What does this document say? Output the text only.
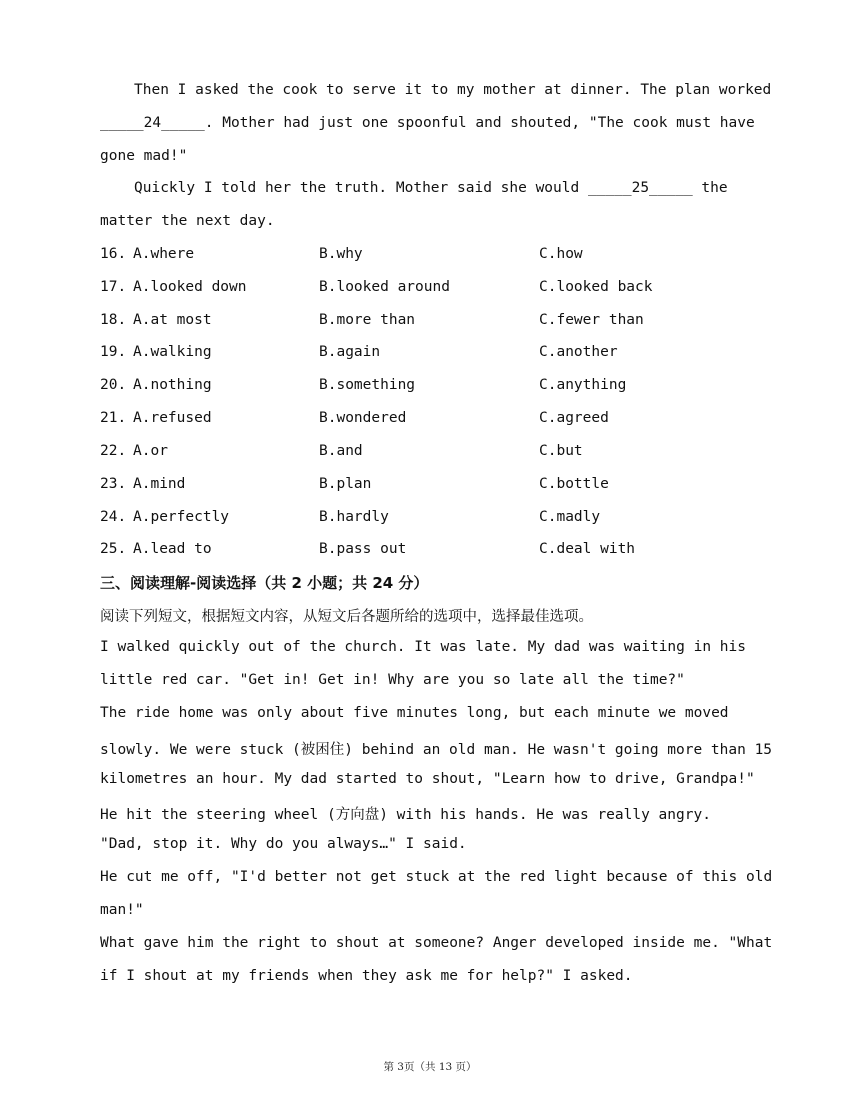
Then I asked the cook to serve it to my mother at dinner. The plan worked
_____24_____. Mother had just one spoonful and shouted, "The cook must have
gone mad!"
Quickly I told her the truth. Mother said she would _____25_____ the
matter the next day.
16. A.where	B.why	C.how
17. A.looked down	B.looked around	C.looked back
18. A.at most	B.more than	C.fewer than
19. A.walking	B.again	C.another
20. A.nothing	B.something	C.anything
21. A.refused	B.wondered	C.agreed
22. A.or	B.and	C.but
23. A.mind	B.plan	C.bottle
24. A.perfectly	B.hardly	C.madly
25. A.lead to	B.pass out	C.deal with
三、阅读理解-阅读选择（共 2 小题；共 24 分）
阅读下列短文，根据短文内容，从短文后各题所给的选项中，选择最佳选项。
I walked quickly out of the church. It was late. My dad was waiting in his
little red car. "Get in! Get in! Why are you so late all the time?"
The ride home was only about five minutes long, but each minute we moved
slowly. We were stuck (被困住) behind an old man. He wasn't going more than 15
kilometres an hour. My dad started to shout, "Learn how to drive, Grandpa!"
He hit the steering wheel (方向盘) with his hands. He was really angry.
"Dad, stop it. Why do you always…" I said.
He cut me off, "I'd better not get stuck at the red light because of this old
man!"
What gave him the right to shout at someone? Anger developed inside me. "What
if I shout at my friends when they ask me for help?" I asked.
第 3页（共 13 页）
